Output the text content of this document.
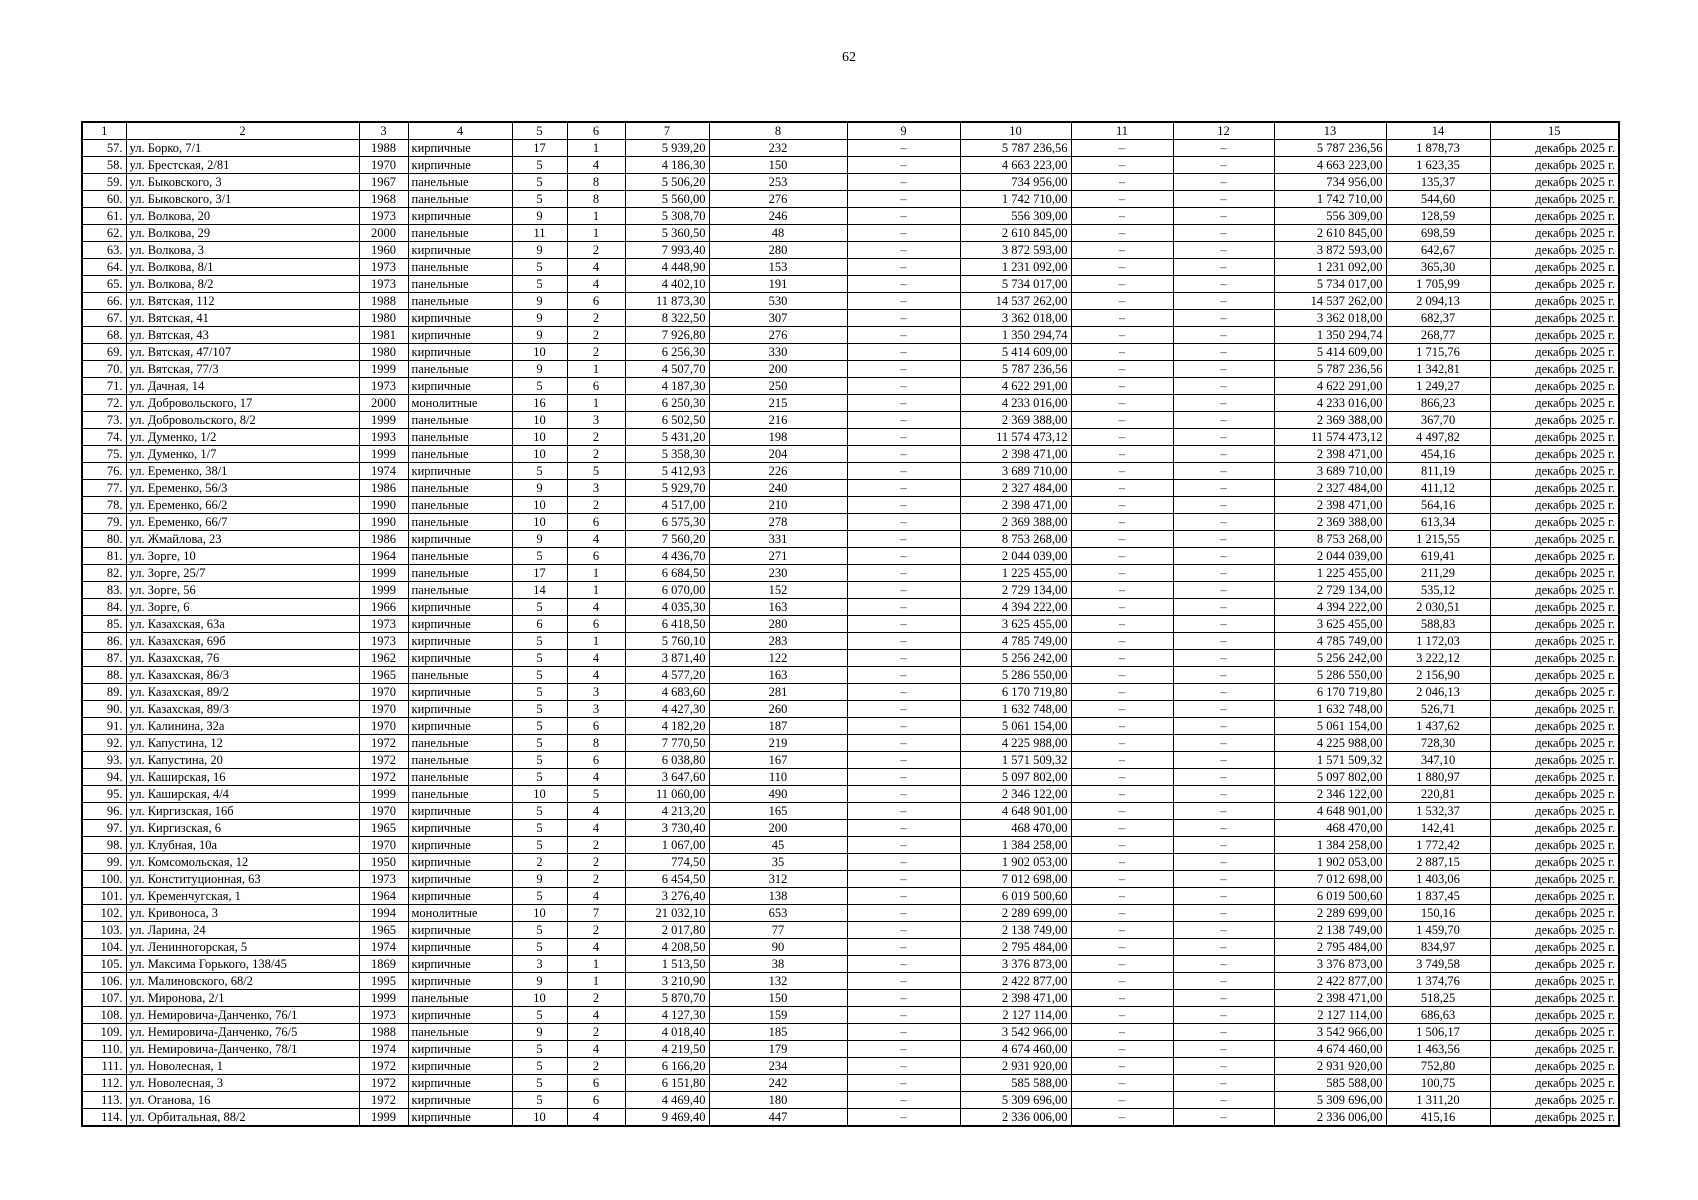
62
1	2	3	4	5	6	7	8	9	10	11	12	13	14	15
57.	ул. Борко, 7/1	1988	кирпичные	17	1	5 939,20	232	–	5 787 236,56	–	–	5 787 236,56	1 878,73	декабрь 2025 г.
58.	ул. Брестская, 2/81	1970	кирпичные	5	4	4 186,30	150	–	4 663 223,00	–	–	4 663 223,00	1 623,35	декабрь 2025 г.
59.	ул. Быковского, 3	1967	панельные	5	8	5 506,20	253	–	734 956,00	–	–	734 956,00	135,37	декабрь 2025 г.
60.	ул. Быковского, 3/1	1968	панельные	5	8	5 560,00	276	–	1 742 710,00	–	–	1 742 710,00	544,60	декабрь 2025 г.
61.	ул. Волкова, 20	1973	кирпичные	9	1	5 308,70	246	–	556 309,00	–	–	556 309,00	128,59	декабрь 2025 г.
62.	ул. Волкова, 29	2000	панельные	11	1	5 360,50	48	–	2 610 845,00	–	–	2 610 845,00	698,59	декабрь 2025 г.
63.	ул. Волкова, 3	1960	кирпичные	9	2	7 993,40	280	–	3 872 593,00	–	–	3 872 593,00	642,67	декабрь 2025 г.
64.	ул. Волкова, 8/1	1973	панельные	5	4	4 448,90	153	–	1 231 092,00	–	–	1 231 092,00	365,30	декабрь 2025 г.
65.	ул. Волкова, 8/2	1973	панельные	5	4	4 402,10	191	–	5 734 017,00	–	–	5 734 017,00	1 705,99	декабрь 2025 г.
66.	ул. Вятская, 112	1988	панельные	9	6	11 873,30	530	–	14 537 262,00	–	–	14 537 262,00	2 094,13	декабрь 2025 г.
67.	ул. Вятская, 41	1980	кирпичные	9	2	8 322,50	307	–	3 362 018,00	–	–	3 362 018,00	682,37	декабрь 2025 г.
68.	ул. Вятская, 43	1981	кирпичные	9	2	7 926,80	276	–	1 350 294,74	–	–	1 350 294,74	268,77	декабрь 2025 г.
69.	ул. Вятская, 47/107	1980	кирпичные	10	2	6 256,30	330	–	5 414 609,00	–	–	5 414 609,00	1 715,76	декабрь 2025 г.
70.	ул. Вятская, 77/3	1999	панельные	9	1	4 507,70	200	–	5 787 236,56	–	–	5 787 236,56	1 342,81	декабрь 2025 г.
71.	ул. Дачная, 14	1973	кирпичные	5	6	4 187,30	250	–	4 622 291,00	–	–	4 622 291,00	1 249,27	декабрь 2025 г.
72.	ул. Добровольского, 17	2000	монолитные	16	1	6 250,30	215	–	4 233 016,00	–	–	4 233 016,00	866,23	декабрь 2025 г.
73.	ул. Добровольского, 8/2	1999	панельные	10	3	6 502,50	216	–	2 369 388,00	–	–	2 369 388,00	367,70	декабрь 2025 г.
74.	ул. Думенко, 1/2	1993	панельные	10	2	5 431,20	198	–	11 574 473,12	–	–	11 574 473,12	4 497,82	декабрь 2025 г.
75.	ул. Думенко, 1/7	1999	панельные	10	2	5 358,30	204	–	2 398 471,00	–	–	2 398 471,00	454,16	декабрь 2025 г.
76.	ул. Еременко, 38/1	1974	кирпичные	5	5	5 412,93	226	–	3 689 710,00	–	–	3 689 710,00	811,19	декабрь 2025 г.
77.	ул. Еременко, 56/3	1986	панельные	9	3	5 929,70	240	–	2 327 484,00	–	–	2 327 484,00	411,12	декабрь 2025 г.
78.	ул. Еременко, 66/2	1990	панельные	10	2	4 517,00	210	–	2 398 471,00	–	–	2 398 471,00	564,16	декабрь 2025 г.
79.	ул. Еременко, 66/7	1990	панельные	10	6	6 575,30	278	–	2 369 388,00	–	–	2 369 388,00	613,34	декабрь 2025 г.
80.	ул. Жмайлова, 23	1986	кирпичные	9	4	7 560,20	331	–	8 753 268,00	–	–	8 753 268,00	1 215,55	декабрь 2025 г.
81.	ул. Зорге, 10	1964	панельные	5	6	4 436,70	271	–	2 044 039,00	–	–	2 044 039,00	619,41	декабрь 2025 г.
82.	ул. Зорге, 25/7	1999	панельные	17	1	6 684,50	230	–	1 225 455,00	–	–	1 225 455,00	211,29	декабрь 2025 г.
83.	ул. Зорге, 56	1999	панельные	14	1	6 070,00	152	–	2 729 134,00	–	–	2 729 134,00	535,12	декабрь 2025 г.
84.	ул. Зорге, 6	1966	кирпичные	5	4	4 035,30	163	–	4 394 222,00	–	–	4 394 222,00	2 030,51	декабрь 2025 г.
85.	ул. Казахская, 63а	1973	кирпичные	6	6	6 418,50	280	–	3 625 455,00	–	–	3 625 455,00	588,83	декабрь 2025 г.
86.	ул. Казахская, 69б	1973	кирпичные	5	1	5 760,10	283	–	4 785 749,00	–	–	4 785 749,00	1 172,03	декабрь 2025 г.
87.	ул. Казахская, 76	1962	кирпичные	5	4	3 871,40	122	–	5 256 242,00	–	–	5 256 242,00	3 222,12	декабрь 2025 г.
88.	ул. Казахская, 86/3	1965	панельные	5	4	4 577,20	163	–	5 286 550,00	–	–	5 286 550,00	2 156,90	декабрь 2025 г.
89.	ул. Казахская, 89/2	1970	кирпичные	5	3	4 683,60	281	–	6 170 719,80	–	–	6 170 719,80	2 046,13	декабрь 2025 г.
90.	ул. Казахская, 89/3	1970	кирпичные	5	3	4 427,30	260	–	1 632 748,00	–	–	1 632 748,00	526,71	декабрь 2025 г.
91.	ул. Калинина, 32а	1970	кирпичные	5	6	4 182,20	187	–	5 061 154,00	–	–	5 061 154,00	1 437,62	декабрь 2025 г.
92.	ул. Капустина, 12	1972	панельные	5	8	7 770,50	219	–	4 225 988,00	–	–	4 225 988,00	728,30	декабрь 2025 г.
93.	ул. Капустина, 20	1972	панельные	5	6	6 038,80	167	–	1 571 509,32	–	–	1 571 509,32	347,10	декабрь 2025 г.
94.	ул. Каширская, 16	1972	панельные	5	4	3 647,60	110	–	5 097 802,00	–	–	5 097 802,00	1 880,97	декабрь 2025 г.
95.	ул. Каширская, 4/4	1999	панельные	10	5	11 060,00	490	–	2 346 122,00	–	–	2 346 122,00	220,81	декабрь 2025 г.
96.	ул. Киргизская, 16б	1970	кирпичные	5	4	4 213,20	165	–	4 648 901,00	–	–	4 648 901,00	1 532,37	декабрь 2025 г.
97.	ул. Киргизская, 6	1965	кирпичные	5	4	3 730,40	200	–	468 470,00	–	–	468 470,00	142,41	декабрь 2025 г.
98.	ул. Клубная, 10а	1970	кирпичные	5	2	1 067,00	45	–	1 384 258,00	–	–	1 384 258,00	1 772,42	декабрь 2025 г.
99.	ул. Комсомольская, 12	1950	кирпичные	2	2	774,50	35	–	1 902 053,00	–	–	1 902 053,00	2 887,15	декабрь 2025 г.
100.	ул. Конституционная, 63	1973	кирпичные	9	2	6 454,50	312	–	7 012 698,00	–	–	7 012 698,00	1 403,06	декабрь 2025 г.
101.	ул. Кременчугская, 1	1964	кирпичные	5	4	3 276,40	138	–	6 019 500,60	–	–	6 019 500,60	1 837,45	декабрь 2025 г.
102.	ул. Кривоноса, 3	1994	монолитные	10	7	21 032,10	653	–	2 289 699,00	–	–	2 289 699,00	150,16	декабрь 2025 г.
103.	ул. Ларина, 24	1965	кирпичные	5	2	2 017,80	77	–	2 138 749,00	–	–	2 138 749,00	1 459,70	декабрь 2025 г.
104.	ул. Ленинногорская, 5	1974	кирпичные	5	4	4 208,50	90	–	2 795 484,00	–	–	2 795 484,00	834,97	декабрь 2025 г.
105.	ул. Максима Горького, 138/45	1869	кирпичные	3	1	1 513,50	38	–	3 376 873,00	–	–	3 376 873,00	3 749,58	декабрь 2025 г.
106.	ул. Малиновского, 68/2	1995	кирпичные	9	1	3 210,90	132	–	2 422 877,00	–	–	2 422 877,00	1 374,76	декабрь 2025 г.
107.	ул. Миронова, 2/1	1999	панельные	10	2	5 870,70	150	–	2 398 471,00	–	–	2 398 471,00	518,25	декабрь 2025 г.
108.	ул. Немировича-Данченко, 76/1	1973	кирпичные	5	4	4 127,30	159	–	2 127 114,00	–	–	2 127 114,00	686,63	декабрь 2025 г.
109.	ул. Немировича-Данченко, 76/5	1988	панельные	9	2	4 018,40	185	–	3 542 966,00	–	–	3 542 966,00	1 506,17	декабрь 2025 г.
110.	ул. Немировича-Данченко, 78/1	1974	кирпичные	5	4	4 219,50	179	–	4 674 460,00	–	–	4 674 460,00	1 463,56	декабрь 2025 г.
111.	ул. Новолесная, 1	1972	кирпичные	5	2	6 166,20	234	–	2 931 920,00	–	–	2 931 920,00	752,80	декабрь 2025 г.
112.	ул. Новолесная, 3	1972	кирпичные	5	6	6 151,80	242	–	585 588,00	–	–	585 588,00	100,75	декабрь 2025 г.
113.	ул. Оганова, 16	1972	кирпичные	5	6	4 469,40	180	–	5 309 696,00	–	–	5 309 696,00	1 311,20	декабрь 2025 г.
114.	ул. Орбитальная, 88/2	1999	кирпичные	10	4	9 469,40	447	–	2 336 006,00	–	–	2 336 006,00	415,16	декабрь 2025 г.
